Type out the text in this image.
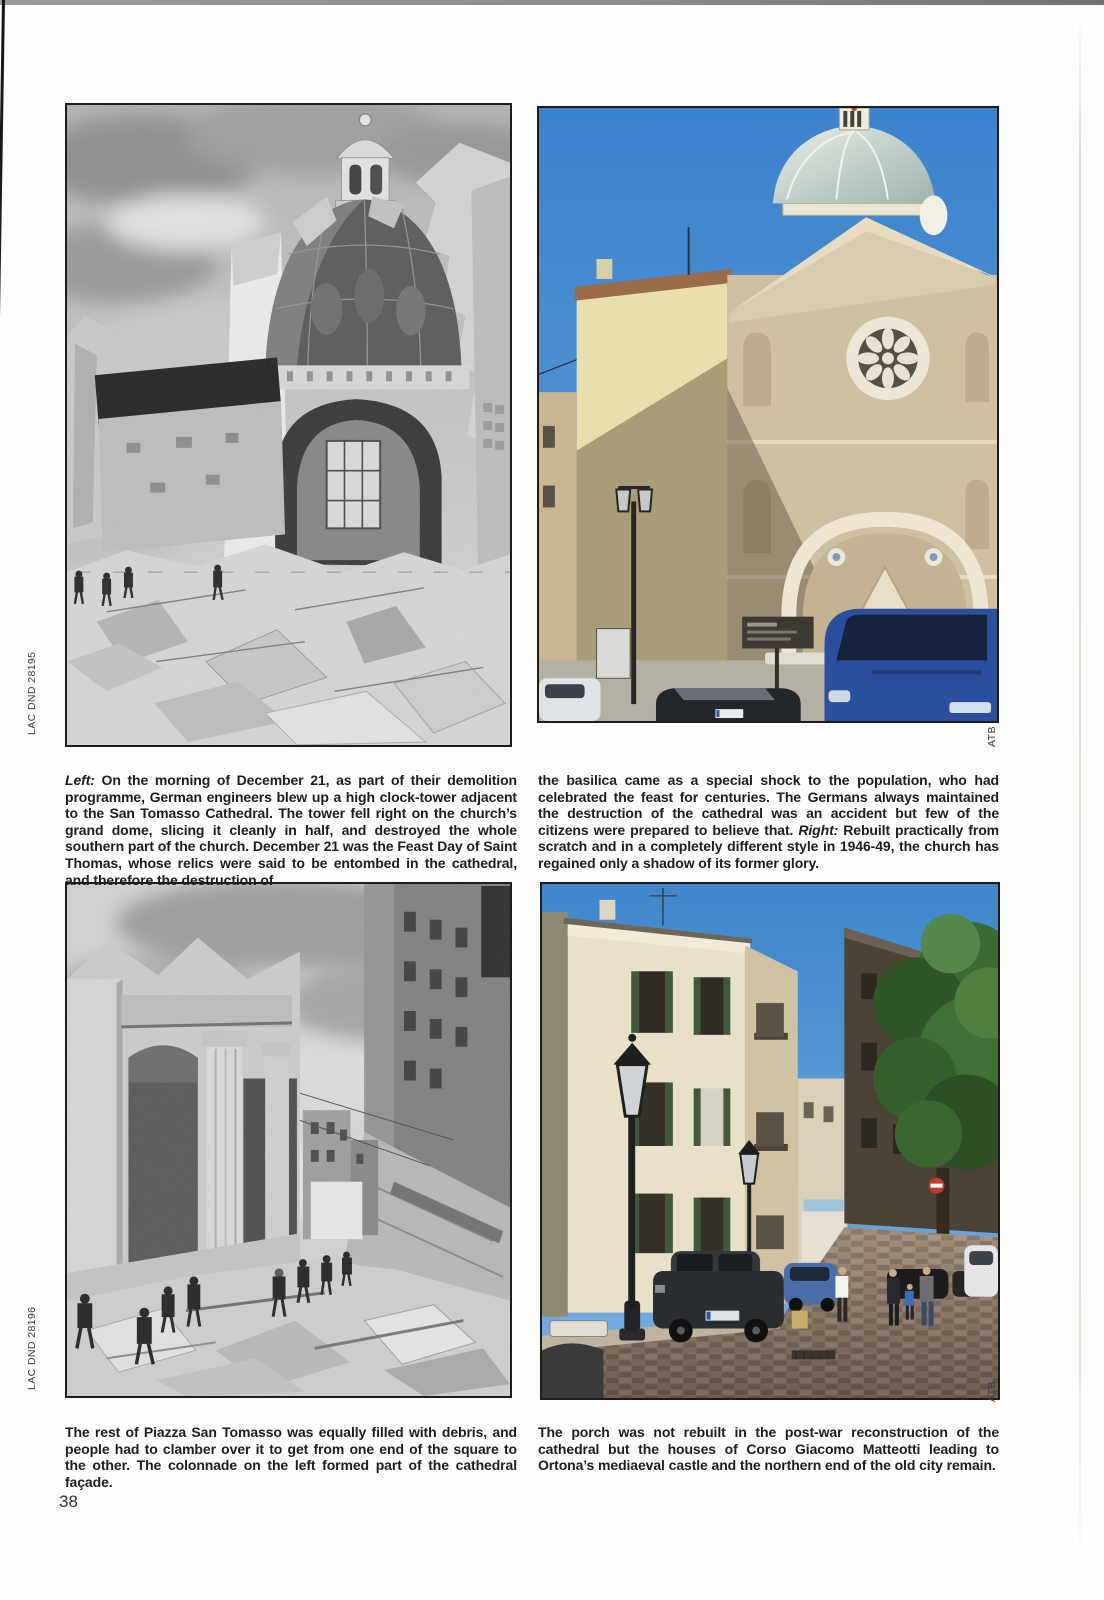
Left: On the morning of December 21, as part of their demolition programme, German engineers blew up a high clock-tower adjacent to the San Tomasso Cathedral. The tower fell right on the church’s grand dome, slicing it cleanly in half, and destroyed the whole southern part of the church. December 21 was the Feast Day of Saint Thomas, whose relics were said to be entombed in the cathedral, and therefore the destruction of

the basilica came as a special shock to the population, who had celebrated the feast for centuries. The Germans always maintained the destruction of the cathedral was an accident but few of the citizens were prepared to believe that. Right: Rebuilt practically from scratch and in a completely different style in 1946-49, the church has regained only a shadow of its former glory.

The rest of Piazza San Tomasso was equally filled with debris, and people had to clamber over it to get from one end of the square to the other. The colonnade on the left formed part of the cathedral façade.

The porch was not rebuilt in the post-war reconstruction of the cathedral but the houses of Corso Giacomo Matteotti leading to Ortona’s mediaeval castle and the northern end of the old city remain.

LAC DND 28195
ATB
LAC DND 28196
ATB
38
